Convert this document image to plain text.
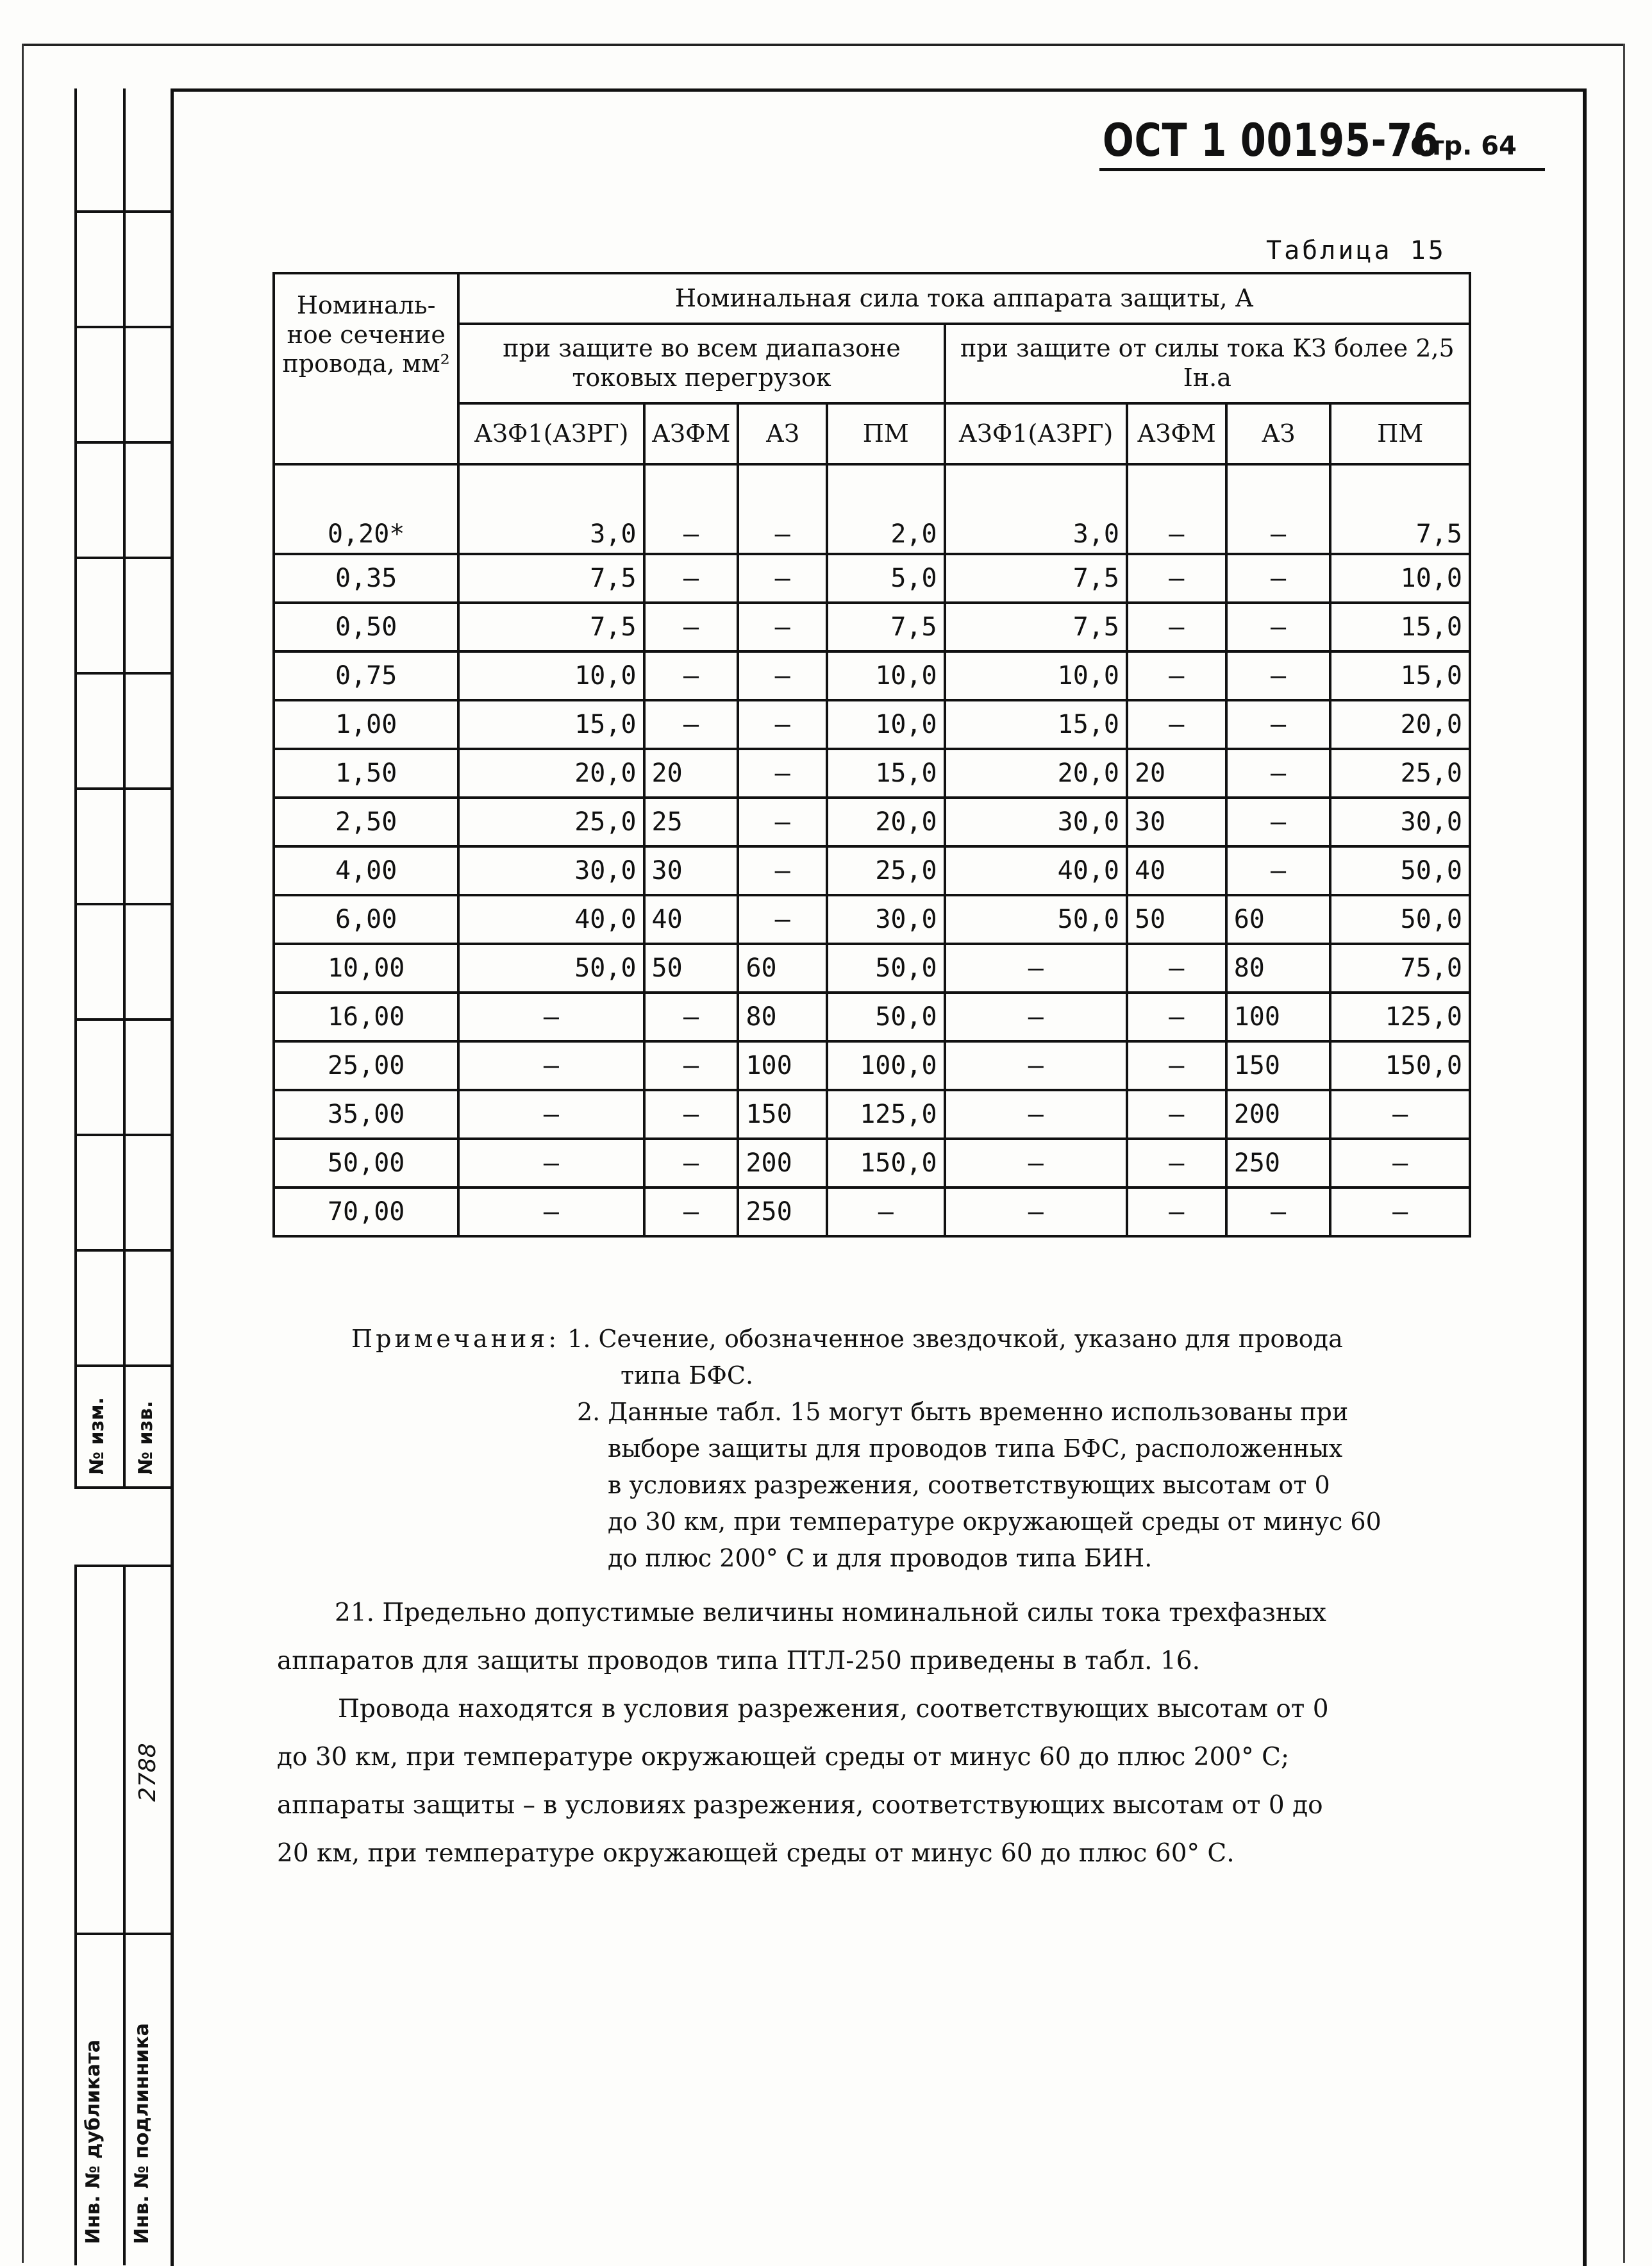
№ изм. № изв.
2788
Инв. № дубликата Инв. № подлинника
ОСТ 1 00195-76
Стр. 64
Таблица 15
Номиналь-ное сечение провода, мм²	Номинальная сила тока аппарата защиты, А							
	при защите во всем диапазоне токовых перегрузок				при защите от силы тока КЗ более 2,5 Iн.а			
	АЗФ1(АЗРГ)	АЗФМ	АЗ	ПМ	АЗФ1(АЗРГ)	АЗФМ	АЗ	ПМ
0,20*	3,0	–	–	2,0	3,0	–	–	7,5
0,35	7,5	–	–	5,0	7,5	–	–	10,0
0,50	7,5	–	–	7,5	7,5	–	–	15,0
0,75	10,0	–	–	10,0	10,0	–	–	15,0
1,00	15,0	–	–	10,0	15,0	–	–	20,0
1,50	20,0	20	–	15,0	20,0	20	–	25,0
2,50	25,0	25	–	20,0	30,0	30	–	30,0
4,00	30,0	30	–	25,0	40,0	40	–	50,0
6,00	40,0	40	–	30,0	50,0	50	60	50,0
10,00	50,0	50	60	50,0	–	–	80	75,0
16,00	–	–	80	50,0	–	–	100	125,0
25,00	–	–	100	100,0	–	–	150	150,0
35,00	–	–	150	125,0	–	–	200	–
50,00	–	–	200	150,0	–	–	250	–
70,00	–	–	250	–	–	–	–	–
Примечания: 1. Сечение, обозначенное звездочкой, указано для провода
типа БФС.
2. Данные табл. 15 могут быть временно использованы при
выборе защиты для проводов типа БФС, расположенных
в условиях разрежения, соответствующих высотам от 0
до 30 км, при температуре окружающей среды от минус 60
до плюс 200° С и для проводов типа БИН.
21. Предельно допустимые величины номинальной силы тока трехфазных
аппаратов для защиты проводов типа ПТЛ-250 приведены в табл. 16.
Провода находятся в условия разрежения, соответствующих высотам от 0
до 30 км, при температуре окружающей среды от минус 60 до плюс 200° С;
аппараты защиты – в условиях разрежения, соответствующих высотам от 0 до
20 км, при температуре окружающей среды от минус 60 до плюс 60° С.
